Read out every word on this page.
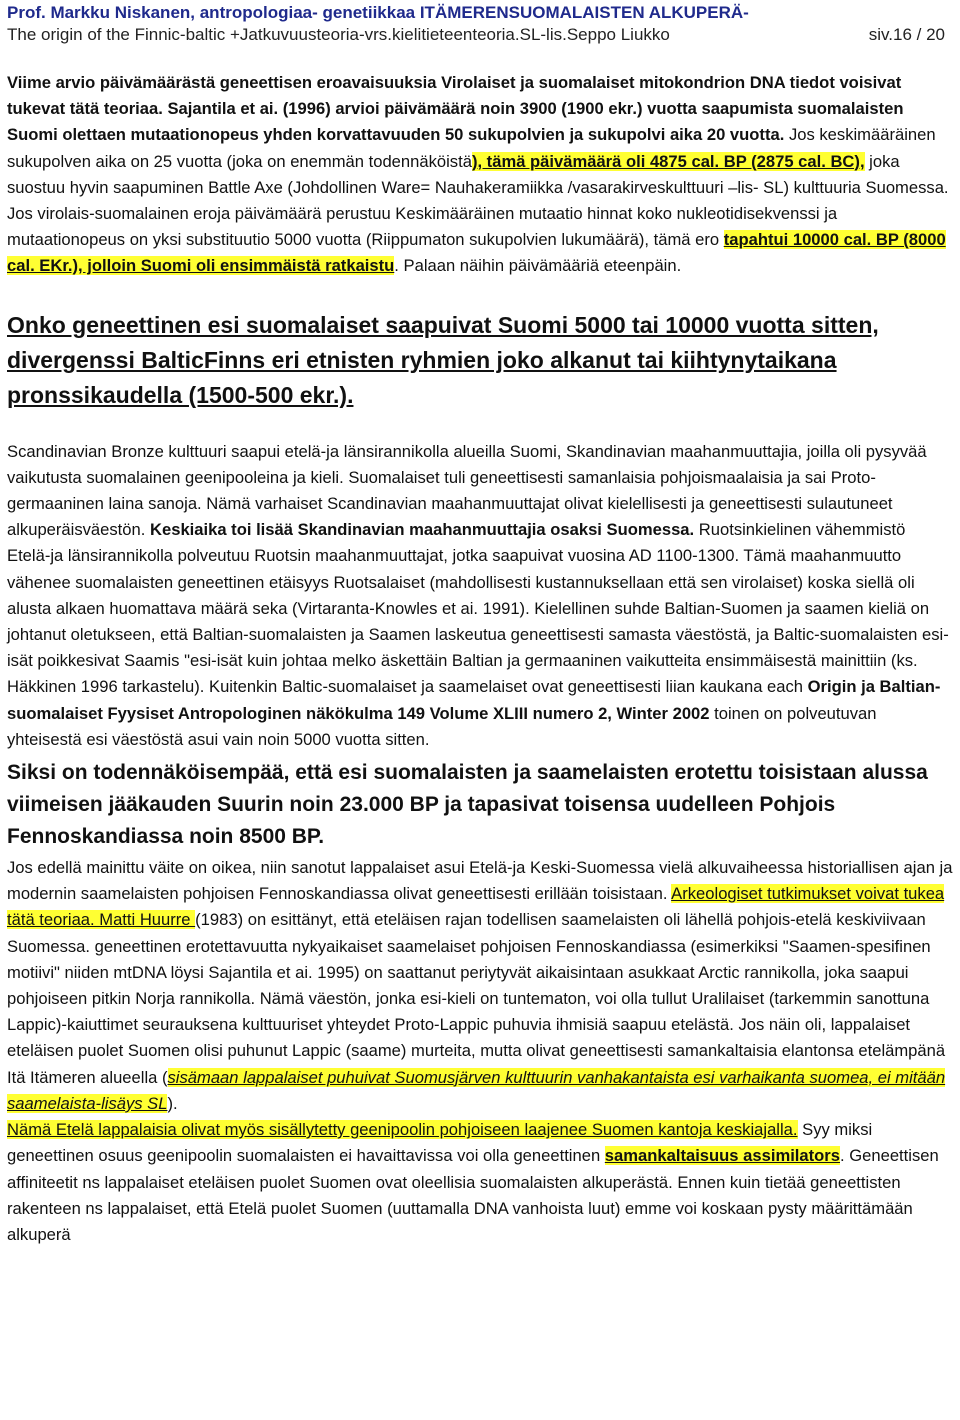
Prof. Markku Niskanen, antropologiaa- genetiikkaa ITÄMERENSUOMALAISTEN ALKUPERÄ-
The origin of the Finnic-baltic +Jatkuvuusteoria-vrs.kielitieteenteoria.SL-lis.Seppo Liukko	siv.16 / 20

Viime arvio päivämäärästä geneettisen eroavaisuuksia Virolaiset ja suomalaiset mitokondrion DNA tiedot voisivat tukevat tätä teoriaa. Sajantila et ai. (1996) arvioi päivämäärä noin 3900 (1900 ekr.) vuotta saapumista suomalaisten Suomi olettaen mutaationopeus yhden korvattavuuden 50 sukupolvien ja sukupolvi aika 20 vuotta. Jos keskimääräinen sukupolven aika on 25 vuotta (joka on enemmän todennäköistä), tämä päivämäärä oli 4875 cal. BP (2875 cal. BC), joka suostuu hyvin saapuminen Battle Axe (Johdollinen Ware= Nauhakeramiikka /vasarakirveskulttuuri –lis- SL) kulttuuria Suomessa. Jos virolais-suomalainen eroja päivämäärä perustuu Keskimääräinen mutaatio hinnat koko nukleotidisekvenssi ja mutaationopeus on yksi substituutio 5000 vuotta (Riippumaton sukupolvien lukumäärä), tämä ero tapahtui 10000 cal. BP (8000 cal. EKr.), jolloin Suomi oli ensimmäistä ratkaistu. Palaan näihin päivämääriä eteenpäin.

Onko geneettinen esi suomalaiset saapuivat Suomi 5000 tai 10000 vuotta sitten, divergenssi BalticFinns eri etnisten ryhmien joko alkanut tai kiihtynytaikana pronssikaudella (1500-500 ekr.).

Scandinavian Bronze kulttuuri saapui etelä-ja länsirannikolla alueilla Suomi, Skandinavian maahanmuuttajia, joilla oli pysyvää vaikutusta suomalainen geenipooleina ja kieli. Suomalaiset tuli geneettisesti samanlaisia pohjoismaalaisia ja sai Proto-germaaninen laina sanoja. Nämä varhaiset Scandinavian maahanmuuttajat olivat kielellisesti ja geneettisesti sulautuneet alkuperäisväestön. Keskiaika toi lisää Skandinavian maahanmuuttajia osaksi Suomessa. Ruotsinkielinen vähemmistö Etelä-ja länsirannikolla polveutuu Ruotsin maahanmuuttajat, jotka saapuivat vuosina AD 1100-1300. Tämä maahanmuutto vähenee suomalaisten geneettinen etäisyys Ruotsalaiset (mahdollisesti kustannuksellaan että sen virolaiset) koska siellä oli alusta alkaen huomattava määrä seka (Virtaranta-Knowles et ai. 1991). Kielellinen suhde Baltian-Suomen ja saamen kieliä on johtanut oletukseen, että Baltian-suomalaisten ja Saamen laskeutua geneettisesti samasta väestöstä, ja Baltic-suomalaisten esi-isät poikkesivat Saamis "esi-isät kuin johtaa melko äskettäin Baltian ja germaaninen vaikutteita ensimmäisestä mainittiin (ks. Häkkinen 1996 tarkastelu). Kuitenkin Baltic-suomalaiset ja saamelaiset ovat geneettisesti liian kaukana each Origin ja Baltian-suomalaiset Fyysiset Antropologinen näkökulma 149 Volume XLIII numero 2, Winter 2002 toinen on polveutuvan yhteisestä esi väestöstä asui vain noin 5000 vuotta sitten.

Siksi on todennäköisempää, että esi suomalaisten ja saamelaisten erotettu toisistaan alussa viimeisen jääkauden Suurin noin 23.000 BP ja tapasivat toisensa uudelleen Pohjois Fennoskandiassa noin 8500 BP.

Jos edellä mainittu väite on oikea, niin sanotut lappalaiset asui Etelä-ja Keski-Suomessa vielä alkuvaiheessa historiallisen ajan ja modernin saamelaisten pohjoisen Fennoskandiassa olivat geneettisesti erillään toisistaan. Arkeologiset tutkimukset voivat tukea tätä teoriaa. Matti Huurre (1983) on esittänyt, että eteläisen rajan todellisen saamelaisten oli lähellä pohjois-etelä keskiviivaan Suomessa. geneettinen erotettavuutta nykyaikaiset saamelaiset pohjoisen Fennoskandiassa (esimerkiksi "Saamen-spesifinen motiivi" niiden mtDNA löysi Sajantila et ai. 1995) on saattanut periytyvät aikaisintaan asukkaat Arctic rannikolla, joka saapui pohjoiseen pitkin Norja rannikolla. Nämä väestön, jonka esi-kieli on tuntematon, voi olla tullut Uralilaiset (tarkemmin sanottuna Lappic)-kaiuttimet seurauksena kulttuuriset yhteydet Proto-Lappic puhuvia ihmisiä saapuu etelästä. Jos näin oli, lappalaiset eteläisen puolet Suomen olisi puhunut Lappic (saame) murteita, mutta olivat geneettisesti samankaltaisia elantonsa etelämpänä Itä Itämeren alueella (sisämaan lappalaiset puhuivat Suomusjärven kulttuurin vanhakantaista esi varhaikanta suomea, ei mitään saamelaista-lisäys SL).

Nämä Etelä lappalaisia olivat myös sisällytetty geenipoolin pohjoiseen laajenee Suomen kantoja keskiajalla. Syy miksi geneettinen osuus geenipoolin suomalaisten ei havaittavissa voi olla geneettinen samankaltaisuus assimilators. Geneettisen affiniteetit ns lappalaiset eteläisen puolet Suomen ovat oleellisia suomalaisten alkuperästä. Ennen kuin tietää geneettisten rakenteen ns lappalaiset, että Etelä puolet Suomen (uuttamalla DNA vanhoista luut) emme voi koskaan pysty määrittämään alkuperä
